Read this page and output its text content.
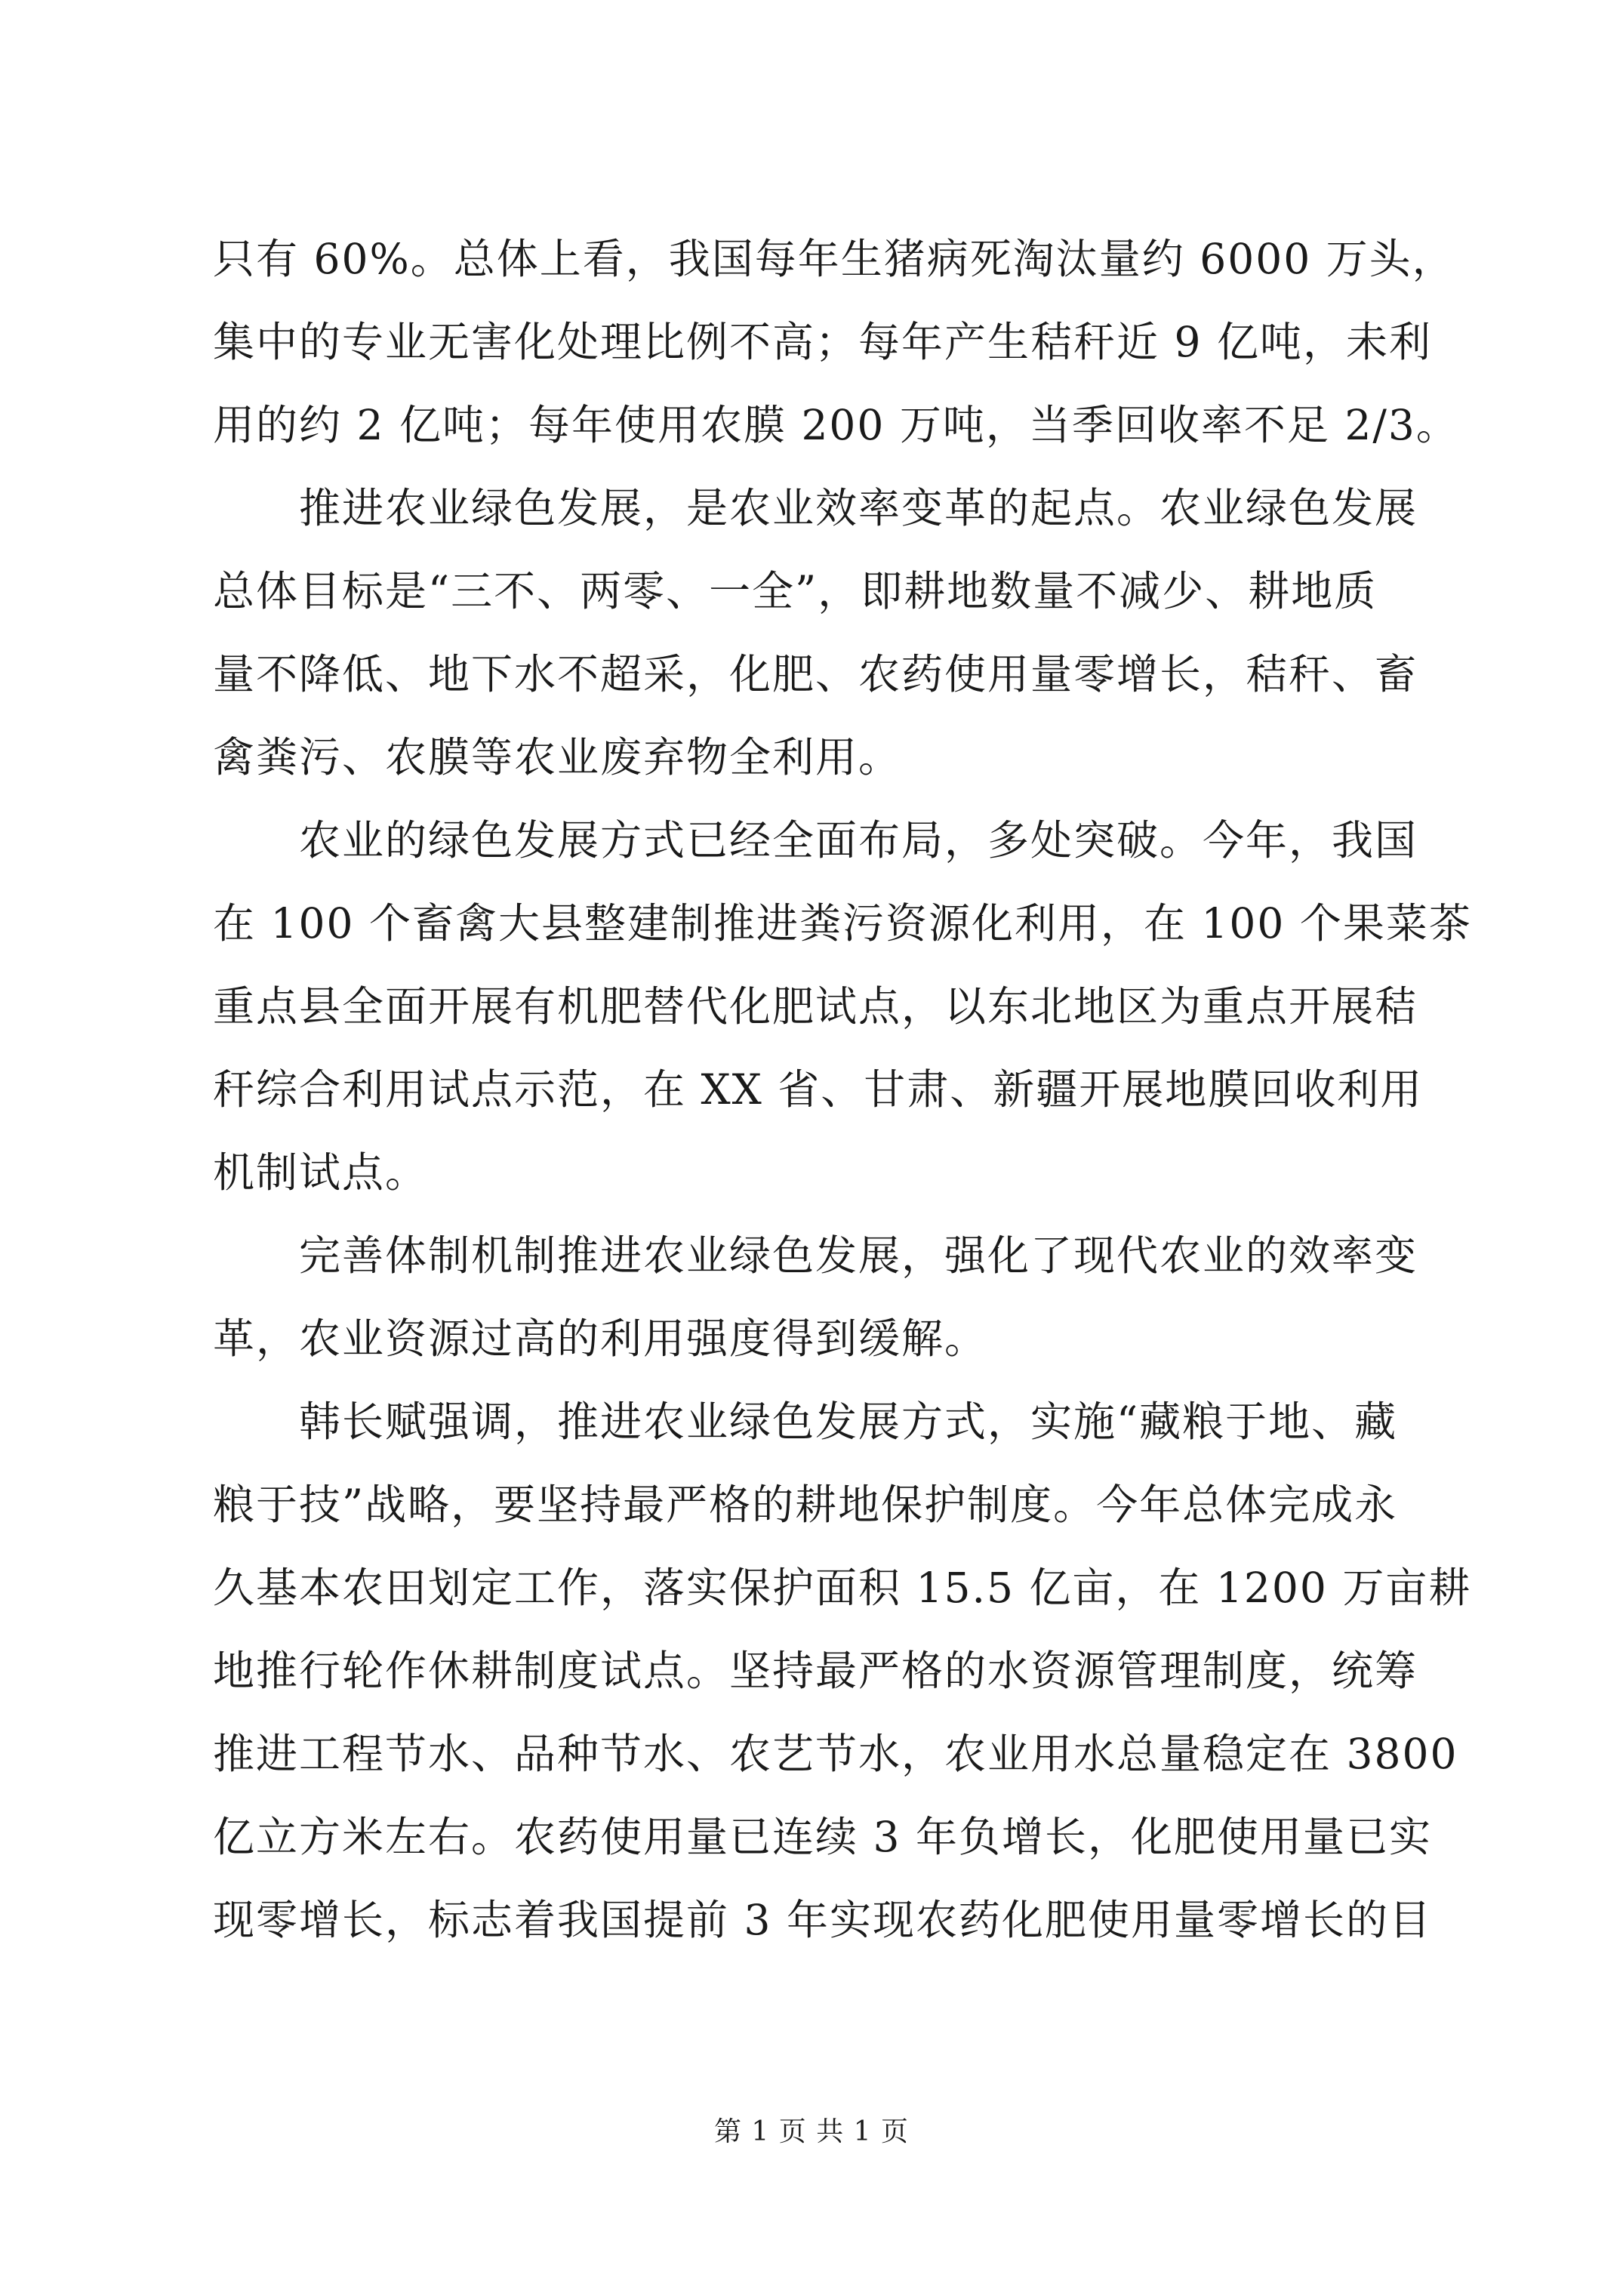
只有 60%。总体上看，我国每年生猪病死淘汰量约 6000 万头，
集中的专业无害化处理比例不高；每年产生秸秆近 9 亿吨，未利
用的约 2 亿吨；每年使用农膜 200 万吨，当季回收率不足 2/3。
推进农业绿色发展，是农业效率变革的起点。农业绿色发展
总体目标是“三不、两零、一全”，即耕地数量不减少、耕地质
量不降低、地下水不超采，化肥、农药使用量零增长，秸秆、畜
禽粪污、农膜等农业废弃物全利用。
农业的绿色发展方式已经全面布局，多处突破。今年，我国
在 100 个畜禽大县整建制推进粪污资源化利用，在 100 个果菜茶
重点县全面开展有机肥替代化肥试点，以东北地区为重点开展秸
秆综合利用试点示范，在 XX 省、甘肃、新疆开展地膜回收利用
机制试点。
完善体制机制推进农业绿色发展，强化了现代农业的效率变
革，农业资源过高的利用强度得到缓解。
韩长赋强调，推进农业绿色发展方式，实施“藏粮于地、藏
粮于技”战略，要坚持最严格的耕地保护制度。今年总体完成永
久基本农田划定工作，落实保护面积 15.5 亿亩，在 1200 万亩耕
地推行轮作休耕制度试点。坚持最严格的水资源管理制度，统筹
推进工程节水、品种节水、农艺节水，农业用水总量稳定在 3800
亿立方米左右。农药使用量已连续 3 年负增长，化肥使用量已实
现零增长，标志着我国提前 3 年实现农药化肥使用量零增长的目
第 1 页 共 1 页
